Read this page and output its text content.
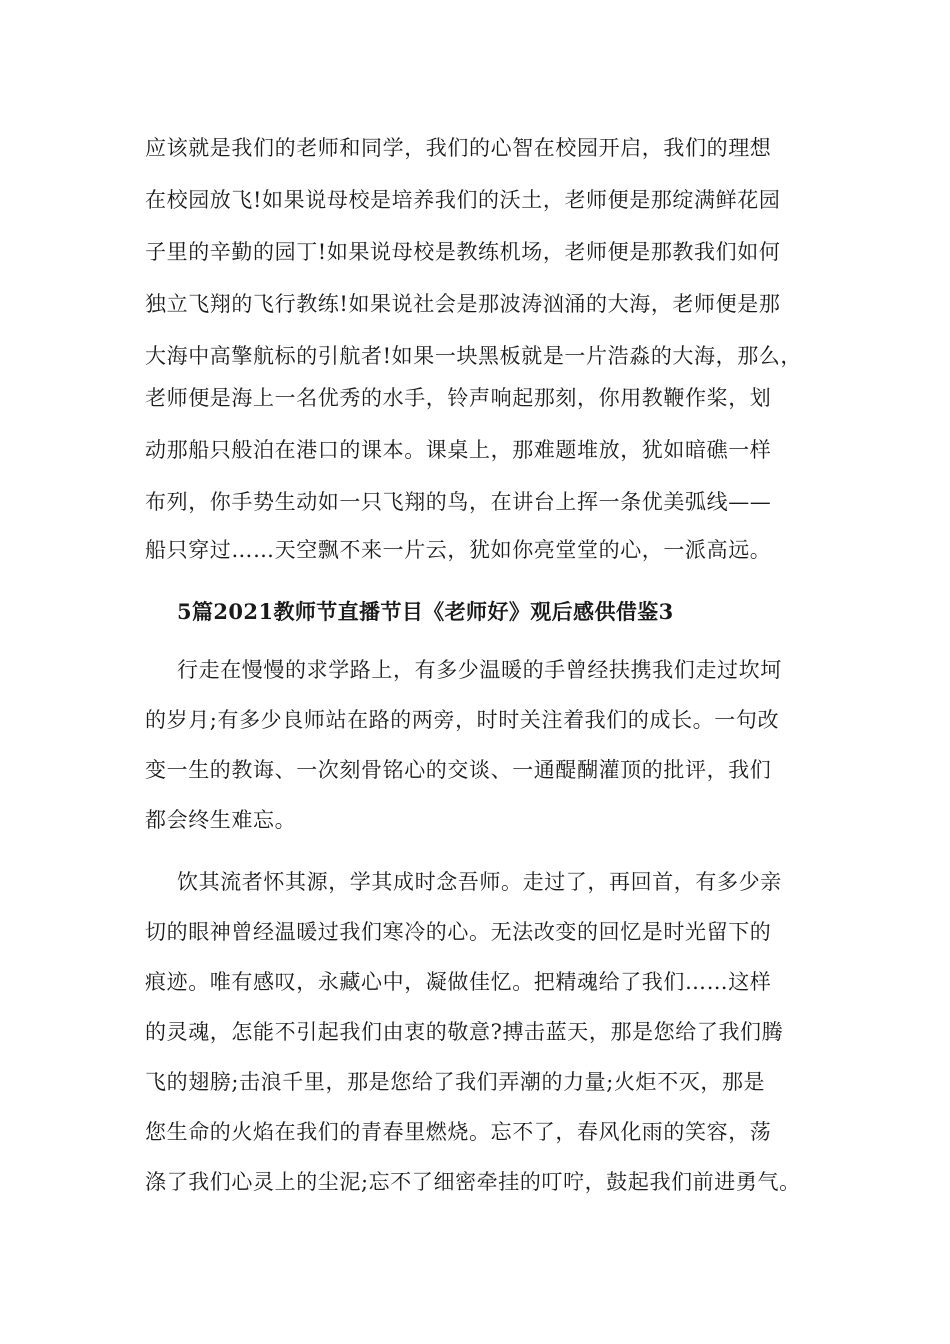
应该就是我们的老师和同学，我们的心智在校园开启，我们的理想
在校园放飞!如果说母校是培养我们的沃土，老师便是那绽满鲜花园
子里的辛勤的园丁!如果说母校是教练机场，老师便是那教我们如何
独立飞翔的飞行教练!如果说社会是那波涛汹涌的大海，老师便是那
大海中高擎航标的引航者!如果一块黑板就是一片浩淼的大海，那么，
老师便是海上一名优秀的水手，铃声响起那刻，你用教鞭作桨，划
动那船只般泊在港口的课本。课桌上，那难题堆放，犹如暗礁一样
布列，你手势生动如一只飞翔的鸟，在讲台上挥一条优美弧线——
船只穿过……天空飘不来一片云，犹如你亮堂堂的心，一派高远。
5篇2021教师节直播节目《老师好》观后感供借鉴3
行走在慢慢的求学路上，有多少温暖的手曾经扶携我们走过坎坷
的岁月;有多少良师站在路的两旁，时时关注着我们的成长。一句改
变一生的教诲、一次刻骨铭心的交谈、一通醍醐灌顶的批评，我们
都会终生难忘。
饮其流者怀其源，学其成时念吾师。走过了，再回首，有多少亲
切的眼神曾经温暖过我们寒冷的心。无法改变的回忆是时光留下的
痕迹。唯有感叹，永藏心中，凝做佳忆。把精魂给了我们……这样
的灵魂，怎能不引起我们由衷的敬意?搏击蓝天，那是您给了我们腾
飞的翅膀;击浪千里，那是您给了我们弄潮的力量;火炬不灭，那是
您生命的火焰在我们的青春里燃烧。忘不了，春风化雨的笑容，荡
涤了我们心灵上的尘泥;忘不了细密牵挂的叮咛，鼓起我们前进勇气。
